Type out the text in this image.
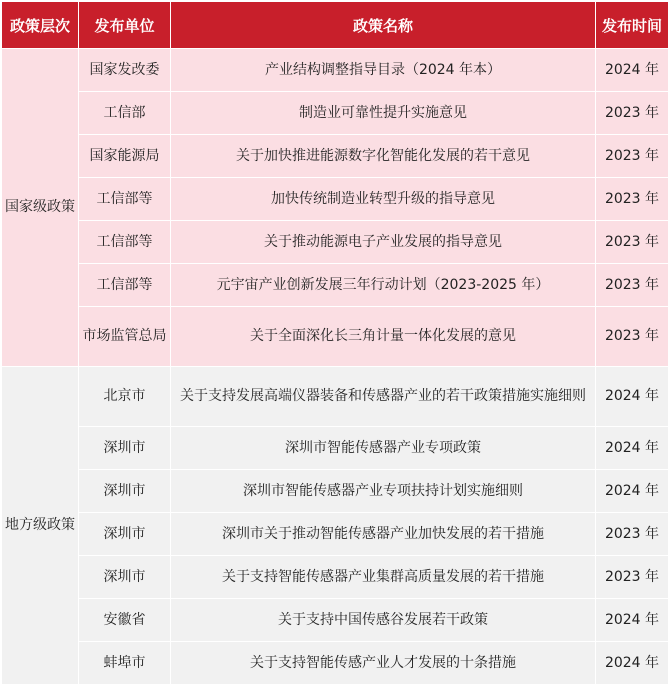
政策层次	发布单位	政策名称	发布时间
国家级政策	国家发改委	产业结构调整指导目录（2024 年本）	2024 年
	工信部	制造业可靠性提升实施意见	2023 年
	国家能源局	关于加快推进能源数字化智能化发展的若干意见	2023 年
	工信部等	加快传统制造业转型升级的指导意见	2023 年
	工信部等	关于推动能源电子产业发展的指导意见	2023 年
	工信部等	元宇宙产业创新发展三年行动计划（2023-2025 年）	2023 年
	市场监管总局	关于全面深化长三角计量一体化发展的意见	2023 年
地方级政策	北京市	关于支持发展高端仪器装备和传感器产业的若干政策措施实施细则	2024 年
	深圳市	深圳市智能传感器产业专项政策	2024 年
	深圳市	深圳市智能传感器产业专项扶持计划实施细则	2024 年
	深圳市	深圳市关于推动智能传感器产业加快发展的若干措施	2023 年
	深圳市	关于支持智能传感器产业集群高质量发展的若干措施	2023 年
	安徽省	关于支持中国传感谷发展若干政策	2024 年
	蚌埠市	关于支持智能传感产业人才发展的十条措施	2024 年
